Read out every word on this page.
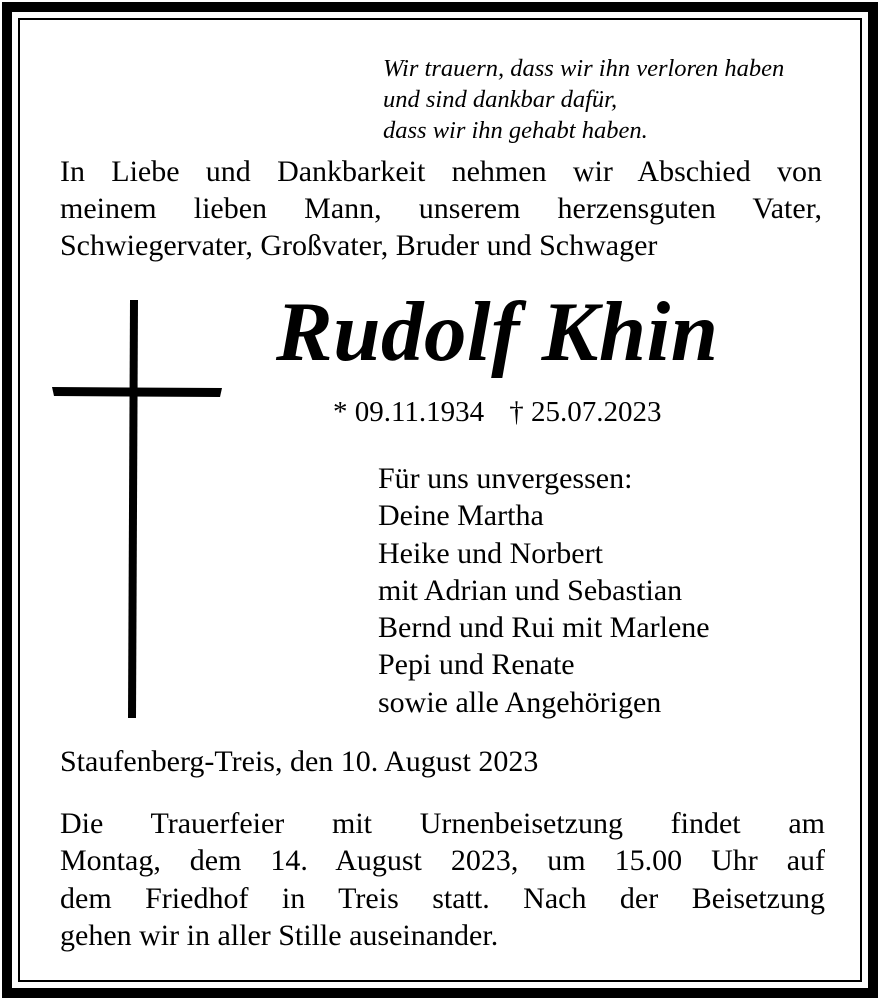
Wir trauern, dass wir ihn verloren haben
und sind dankbar dafür,
dass wir ihn gehabt haben.
In Liebe und Dankbarkeit nehmen wir Abschied von
meinem lieben Mann, unserem herzensguten Vater,
Schwiegervater, Großvater, Bruder und Schwager
Rudolf Khin
* 09.11.1934 † 25.07.2023
Für uns unvergessen:
Deine Martha
Heike und Norbert
mit Adrian und Sebastian
Bernd und Rui mit Marlene
Pepi und Renate
sowie alle Angehörigen
Staufenberg-Treis, den 10. August 2023
Die Trauerfeier mit Urnenbeisetzung findet am
Montag, dem 14. August 2023, um 15.00 Uhr auf
dem Friedhof in Treis statt. Nach der Beisetzung
gehen wir in aller Stille auseinander.
